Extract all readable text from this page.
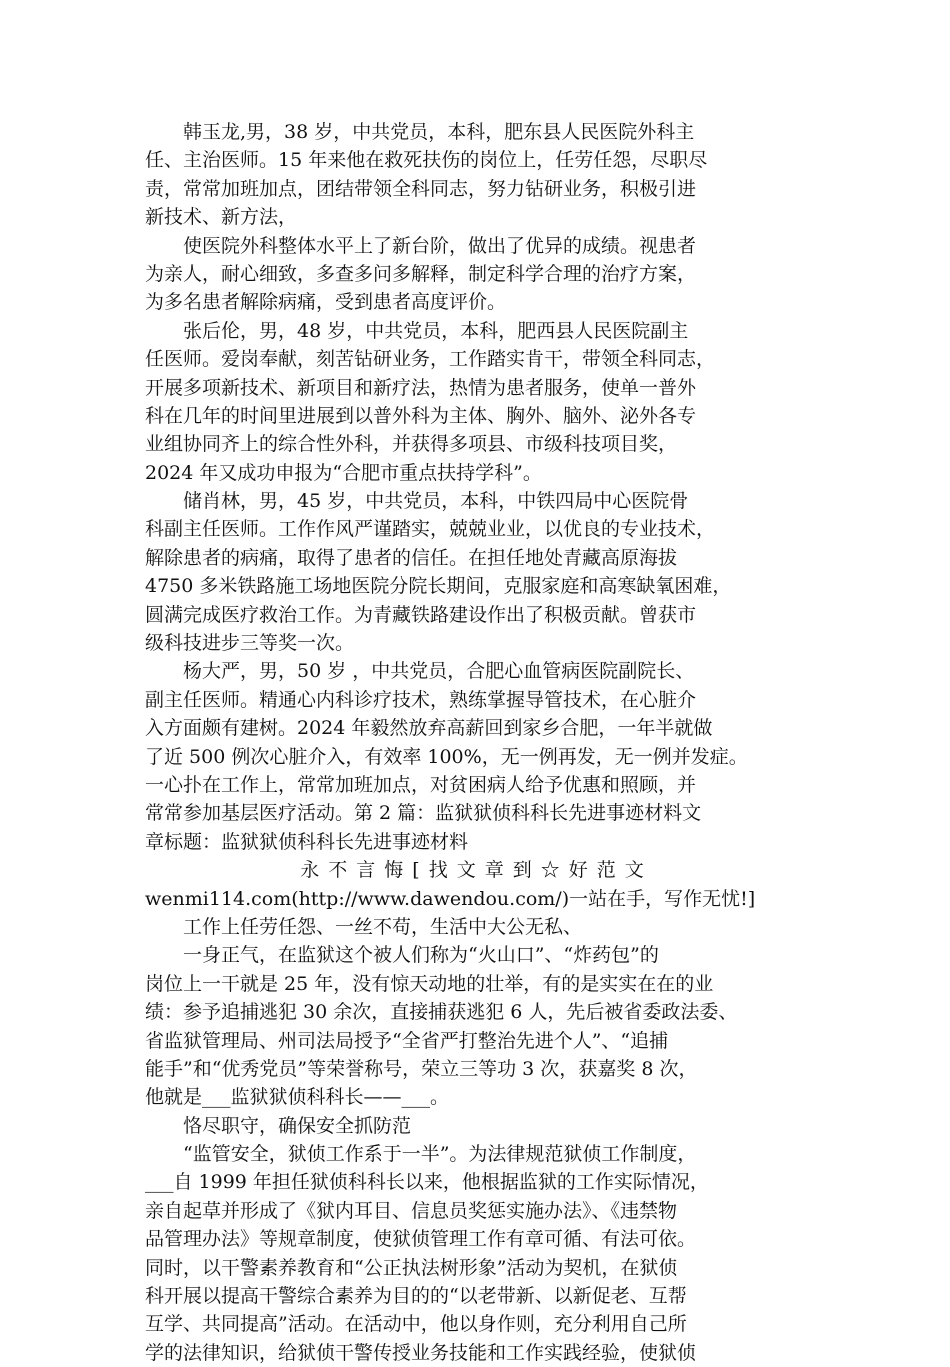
韩玉龙,男，38 岁，中共党员，本科，肥东县人民医院外科主
任、主治医师。15 年来他在救死扶伤的岗位上，任劳任怨，尽职尽
责，常常加班加点，团结带领全科同志，努力钻研业务，积极引进
新技术、新方法，
使医院外科整体水平上了新台阶，做出了优异的成绩。视患者
为亲人，耐心细致，多查多问多解释，制定科学合理的治疗方案，
为多名患者解除病痛，受到患者高度评价。
张后伦，男，48 岁，中共党员，本科，肥西县人民医院副主
任医师。爱岗奉献，刻苦钻研业务，工作踏实肯干，带领全科同志，
开展多项新技术、新项目和新疗法，热情为患者服务，使单一普外
科在几年的时间里进展到以普外科为主体、胸外、脑外、泌外各专
业组协同齐上的综合性外科，并获得多项县、市级科技项目奖，
2024 年又成功申报为“合肥市重点扶持学科”。
储肖林，男，45 岁，中共党员，本科，中铁四局中心医院骨
科副主任医师。工作作风严谨踏实，兢兢业业，以优良的专业技术，
解除患者的病痛，取得了患者的信任。在担任地处青藏高原海拔
4750 多米铁路施工场地医院分院长期间，克服家庭和高寒缺氧困难，
圆满完成医疗救治工作。为青藏铁路建设作出了积极贡献。曾获市
级科技进步三等奖一次。
杨大严，男，50 岁 ，中共党员，合肥心血管病医院副院长、
副主任医师。精通心内科诊疗技术，熟练掌握导管技术，在心脏介
入方面颇有建树。2024 年毅然放弃高薪回到家乡合肥，一年半就做
了近 500 例次心脏介入，有效率 100%，无一例再发，无一例并发症。
一心扑在工作上，常常加班加点，对贫困病人给予优惠和照顾，并
常常参加基层医疗活动。第 2 篇：监狱狱侦科科长先进事迹材料文
章标题：监狱狱侦科科长先进事迹材料
永不言悔[找文章到☆好范文
wenmi114.com(http://www.dawendou.com/)一站在手，写作无忧!]
工作上任劳任怨、一丝不苟，生活中大公无私、
一身正气，在监狱这个被人们称为“火山口”、“炸药包”的
岗位上一干就是 25 年，没有惊天动地的壮举，有的是实实在在的业
绩：参予追捕逃犯 30 余次，直接捕获逃犯 6 人，先后被省委政法委、
省监狱管理局、州司法局授予“全省严打整治先进个人”、“追捕
能手”和“优秀党员”等荣誉称号，荣立三等功 3 次，获嘉奖 8 次，
他就是___监狱狱侦科科长——___。
恪尽职守，确保安全抓防范
“监管安全，狱侦工作系于一半”。为法律规范狱侦工作制度，
___自 1999 年担任狱侦科科长以来，他根据监狱的工作实际情况，
亲自起草并形成了《狱内耳目、信息员奖惩实施办法》、《违禁物
品管理办法》等规章制度，使狱侦管理工作有章可循、有法可依。
同时，以干警素养教育和“公正执法树形象”活动为契机，在狱侦
科开展以提高干警综合素养为目的的“以老带新、以新促老、互帮
互学、共同提高”活动。在活动中，他以身作则，充分利用自己所
学的法律知识，给狱侦干警传授业务技能和工作实践经验，使狱侦
